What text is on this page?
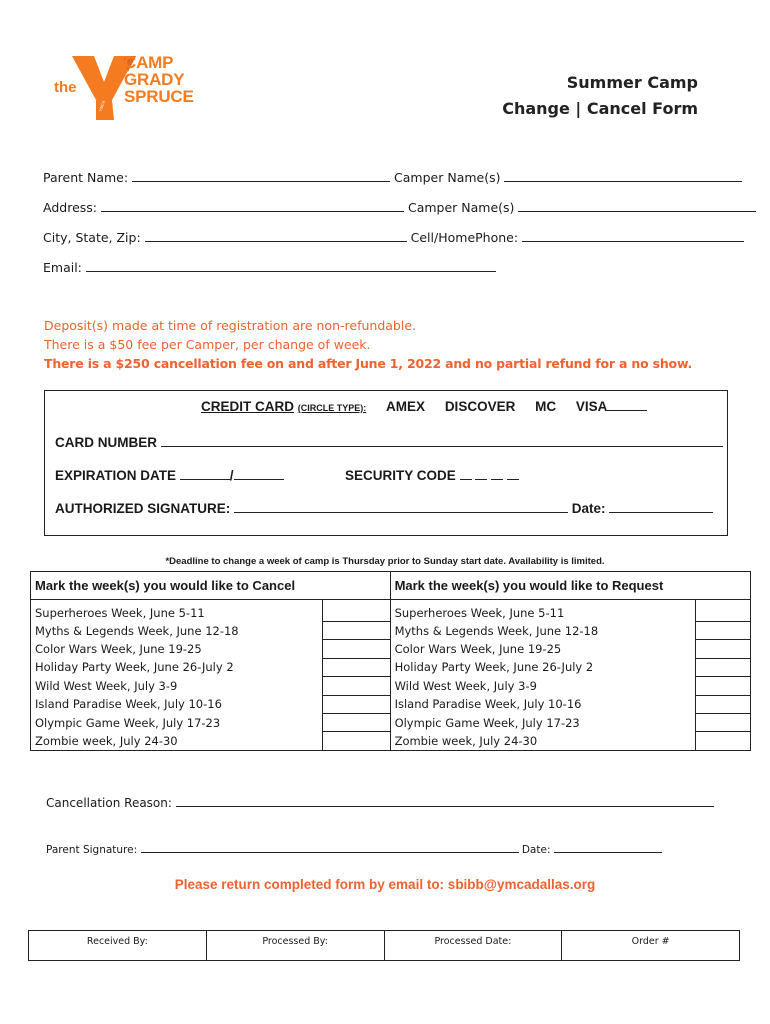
the
YMCA
CAMP
GRADY
SPRUCE
Summer Camp
Change | Cancel Form
Parent Name:	Camper Name(s)
Address:	Camper Name(s)
City, State, Zip:	Cell/HomePhone:
Email:
Deposit(s) made at time of registration are non-refundable.
There is a $50 fee per Camper, per change of week.
There is a $250 cancellation fee on and after June 1, 2022 and no partial refund for a no show.
CREDIT CARD (CIRCLE TYPE): AMEX DISCOVER MC VISA
CARD NUMBER
EXPIRATION DATE	/	SECURITY CODE
AUTHORIZED SIGNATURE:	Date:
*Deadline to change a week of camp is Thursday prior to Sunday start date. Availability is limited.
Mark the week(s) you would like to Cancel		Mark the week(s) you would like to Request	
Superheroes Week, June 5-11		Superheroes Week, June 5-11	
Myths & Legends Week, June 12-18		Myths & Legends Week, June 12-18	
Color Wars Week, June 19-25		Color Wars Week, June 19-25	
Holiday Party Week, June 26-July 2		Holiday Party Week, June 26-July 2	
Wild West Week, July 3-9		Wild West Week, July 3-9	
Island Paradise Week, July 10-16		Island Paradise Week, July 10-16	
Olympic Game Week, July 17-23		Olympic Game Week, July 17-23	
Zombie week, July 24-30		Zombie week, July 24-30	
Cancellation Reason:
Parent Signature:	Date:
Please return completed form by email to: sbibb@ymcadallas.org
Received By:	Processed By:	Processed Date:	Order #
